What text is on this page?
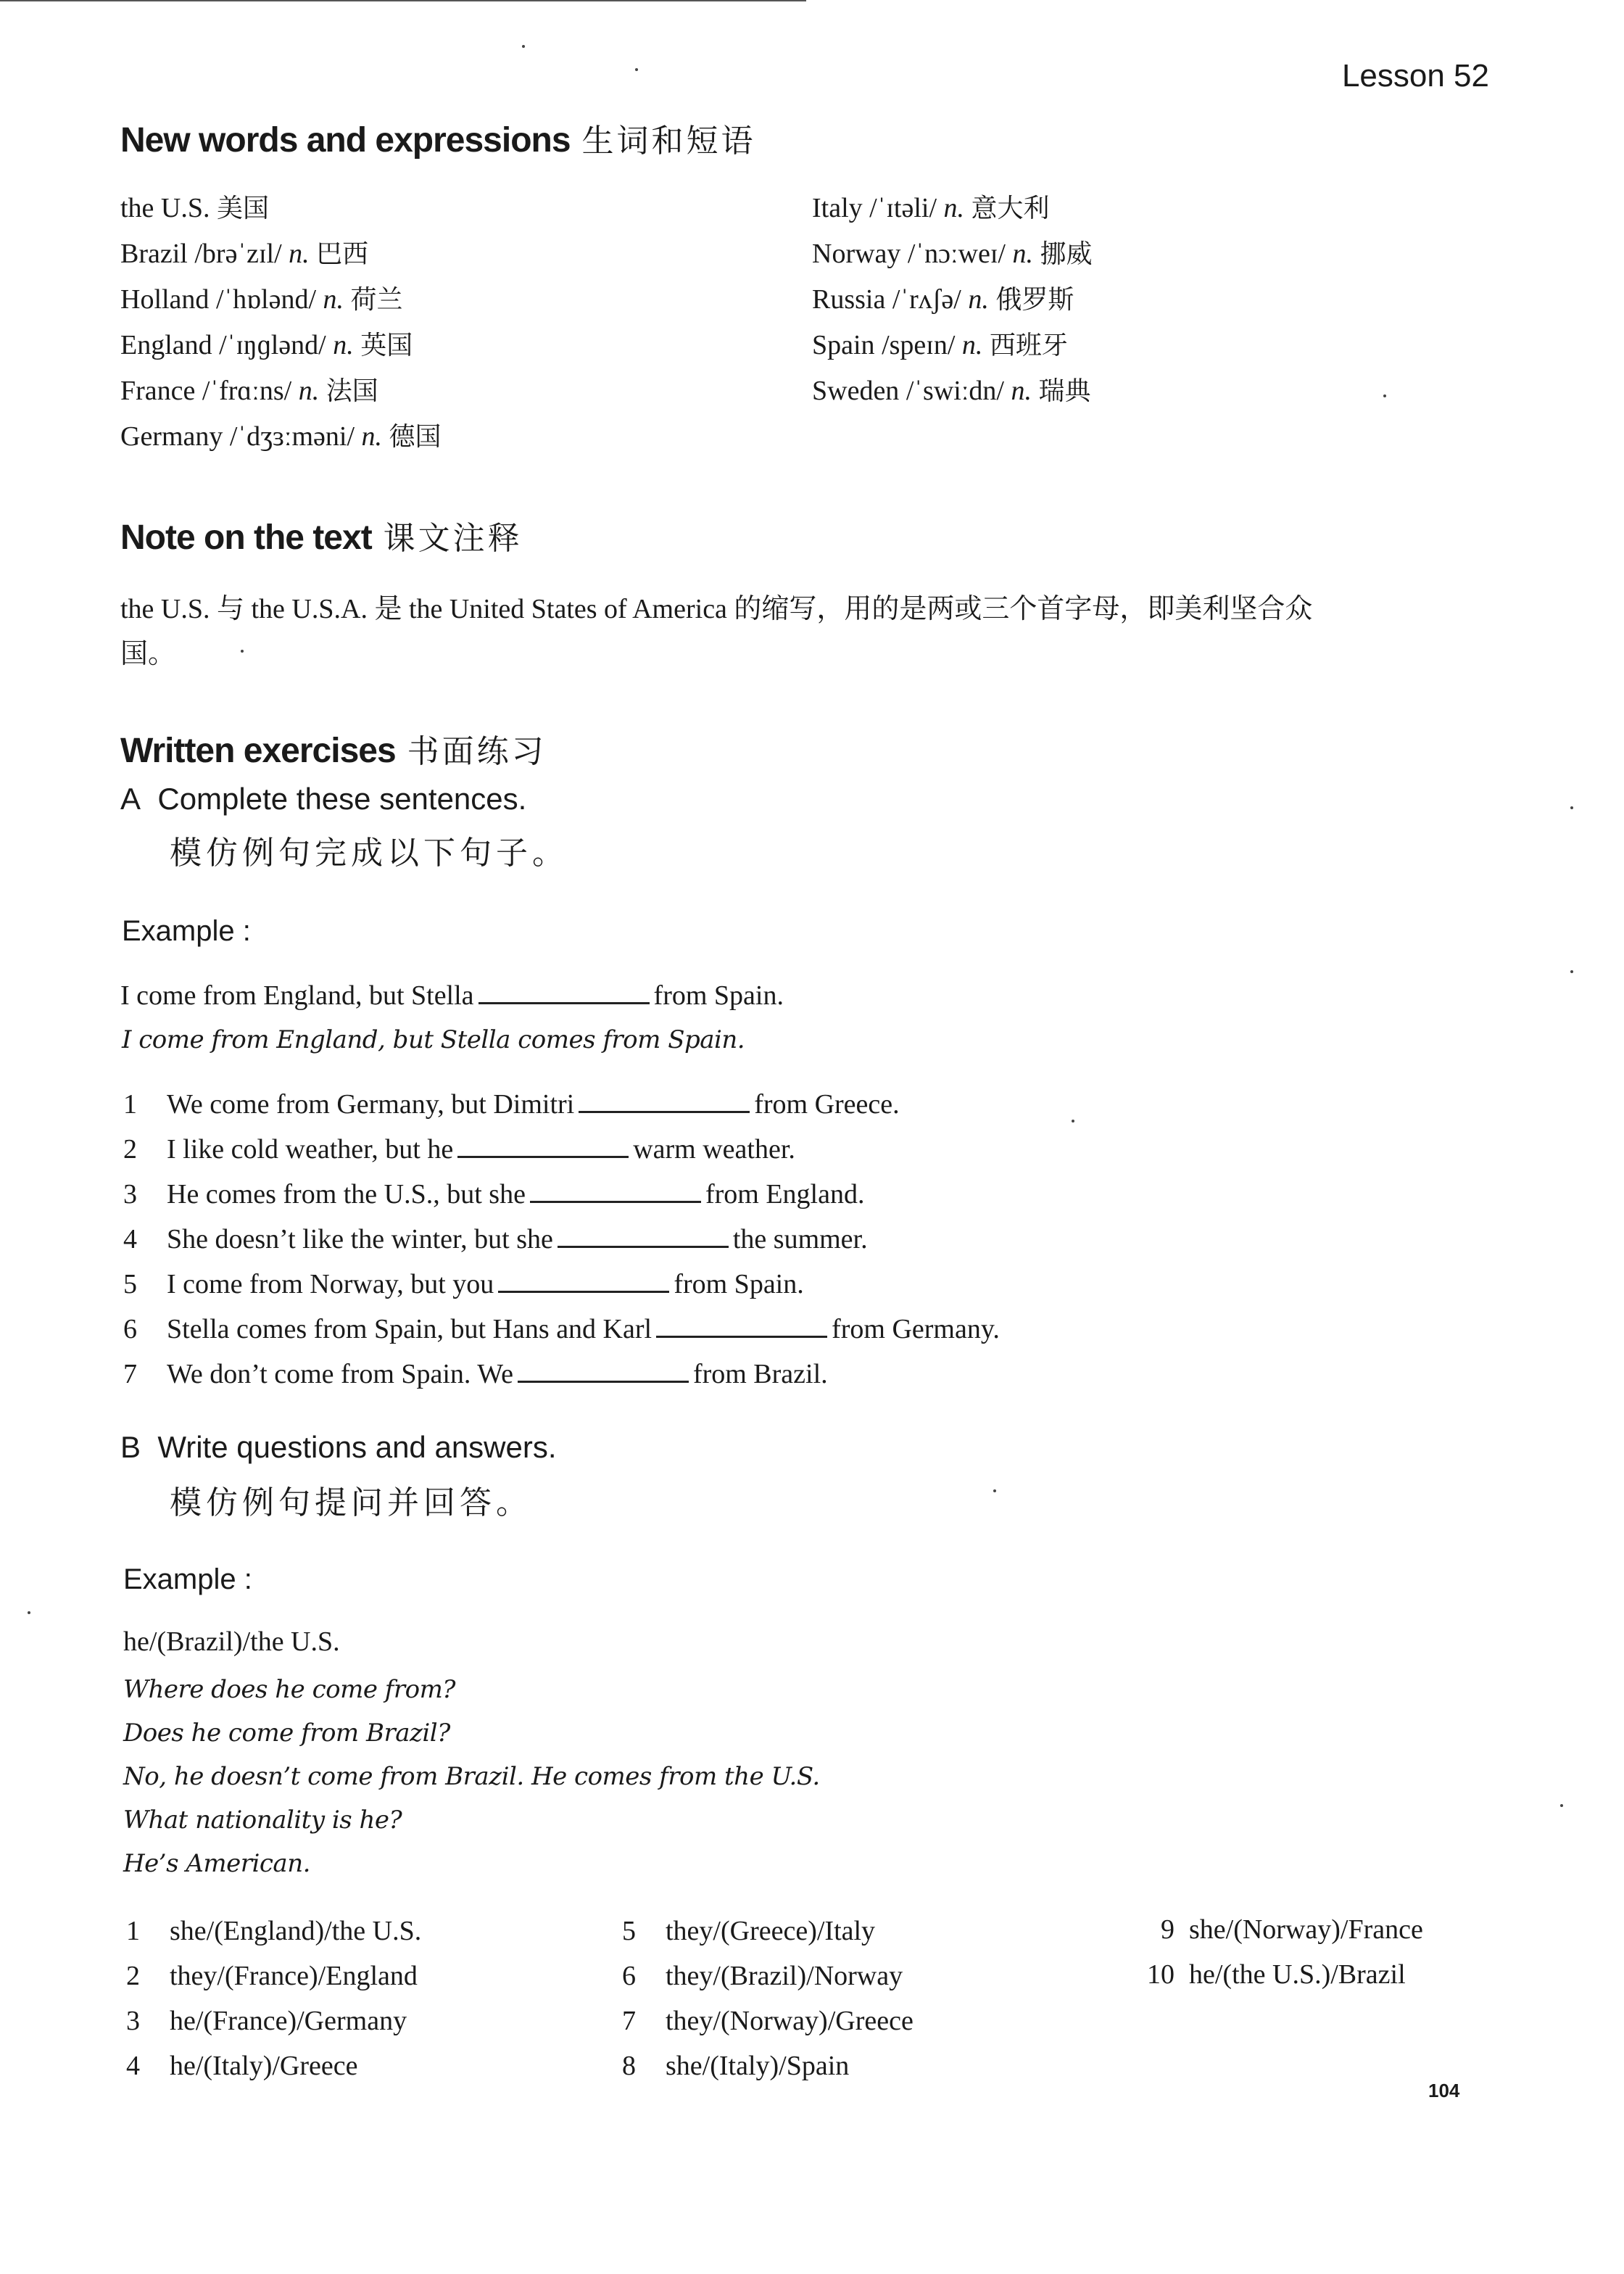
Lesson 52
New words and expressions 生词和短语
the U.S. 美国
Brazil /brəˈzɪl/ n. 巴西
Holland /ˈhɒlənd/ n. 荷兰
England /ˈɪŋɡlənd/ n. 英国
France /ˈfrɑːns/ n. 法国
Germany /ˈdʒɜːməni/ n. 德国
Italy /ˈɪtəli/ n. 意大利
Norway /ˈnɔːweɪ/ n. 挪威
Russia /ˈrʌʃə/ n. 俄罗斯
Spain /speɪn/ n. 西班牙
Sweden /ˈswiːdn/ n. 瑞典
Note on the text 课文注释
the U.S. 与 the U.S.A. 是 the United States of America 的缩写，用的是两或三个首字母，即美利坚合众
国。
Written exercises 书面练习
A Complete these sentences.
模仿例句完成以下句子。
Example :
I come from England, but Stella	from Spain.
I come from England, but Stella comes from Spain.
1 We come from Germany, but Dimitri	from Greece.
2 I like cold weather, but he	warm weather.
3 He comes from the U.S., but she	from England.
4 She doesn’t like the winter, but she	the summer.
5 I come from Norway, but you	from Spain.
6 Stella comes from Spain, but Hans and Karl	from Germany.
7 We don’t come from Spain. We	from Brazil.
B Write questions and answers.
模仿例句提问并回答。
Example :
he/(Brazil)/the U.S.
Where does he come from?
Does he come from Brazil?
No, he doesn’t come from Brazil. He comes from the U.S.
What nationality is he?
He’s American.
1 she/(England)/the U.S.
2 they/(France)/England
3 he/(France)/Germany
4 he/(Italy)/Greece
5 they/(Greece)/Italy
6 they/(Brazil)/Norway
7 they/(Norway)/Greece
8 she/(Italy)/Spain
9 she/(Norway)/France
10 he/(the U.S.)/Brazil
104
